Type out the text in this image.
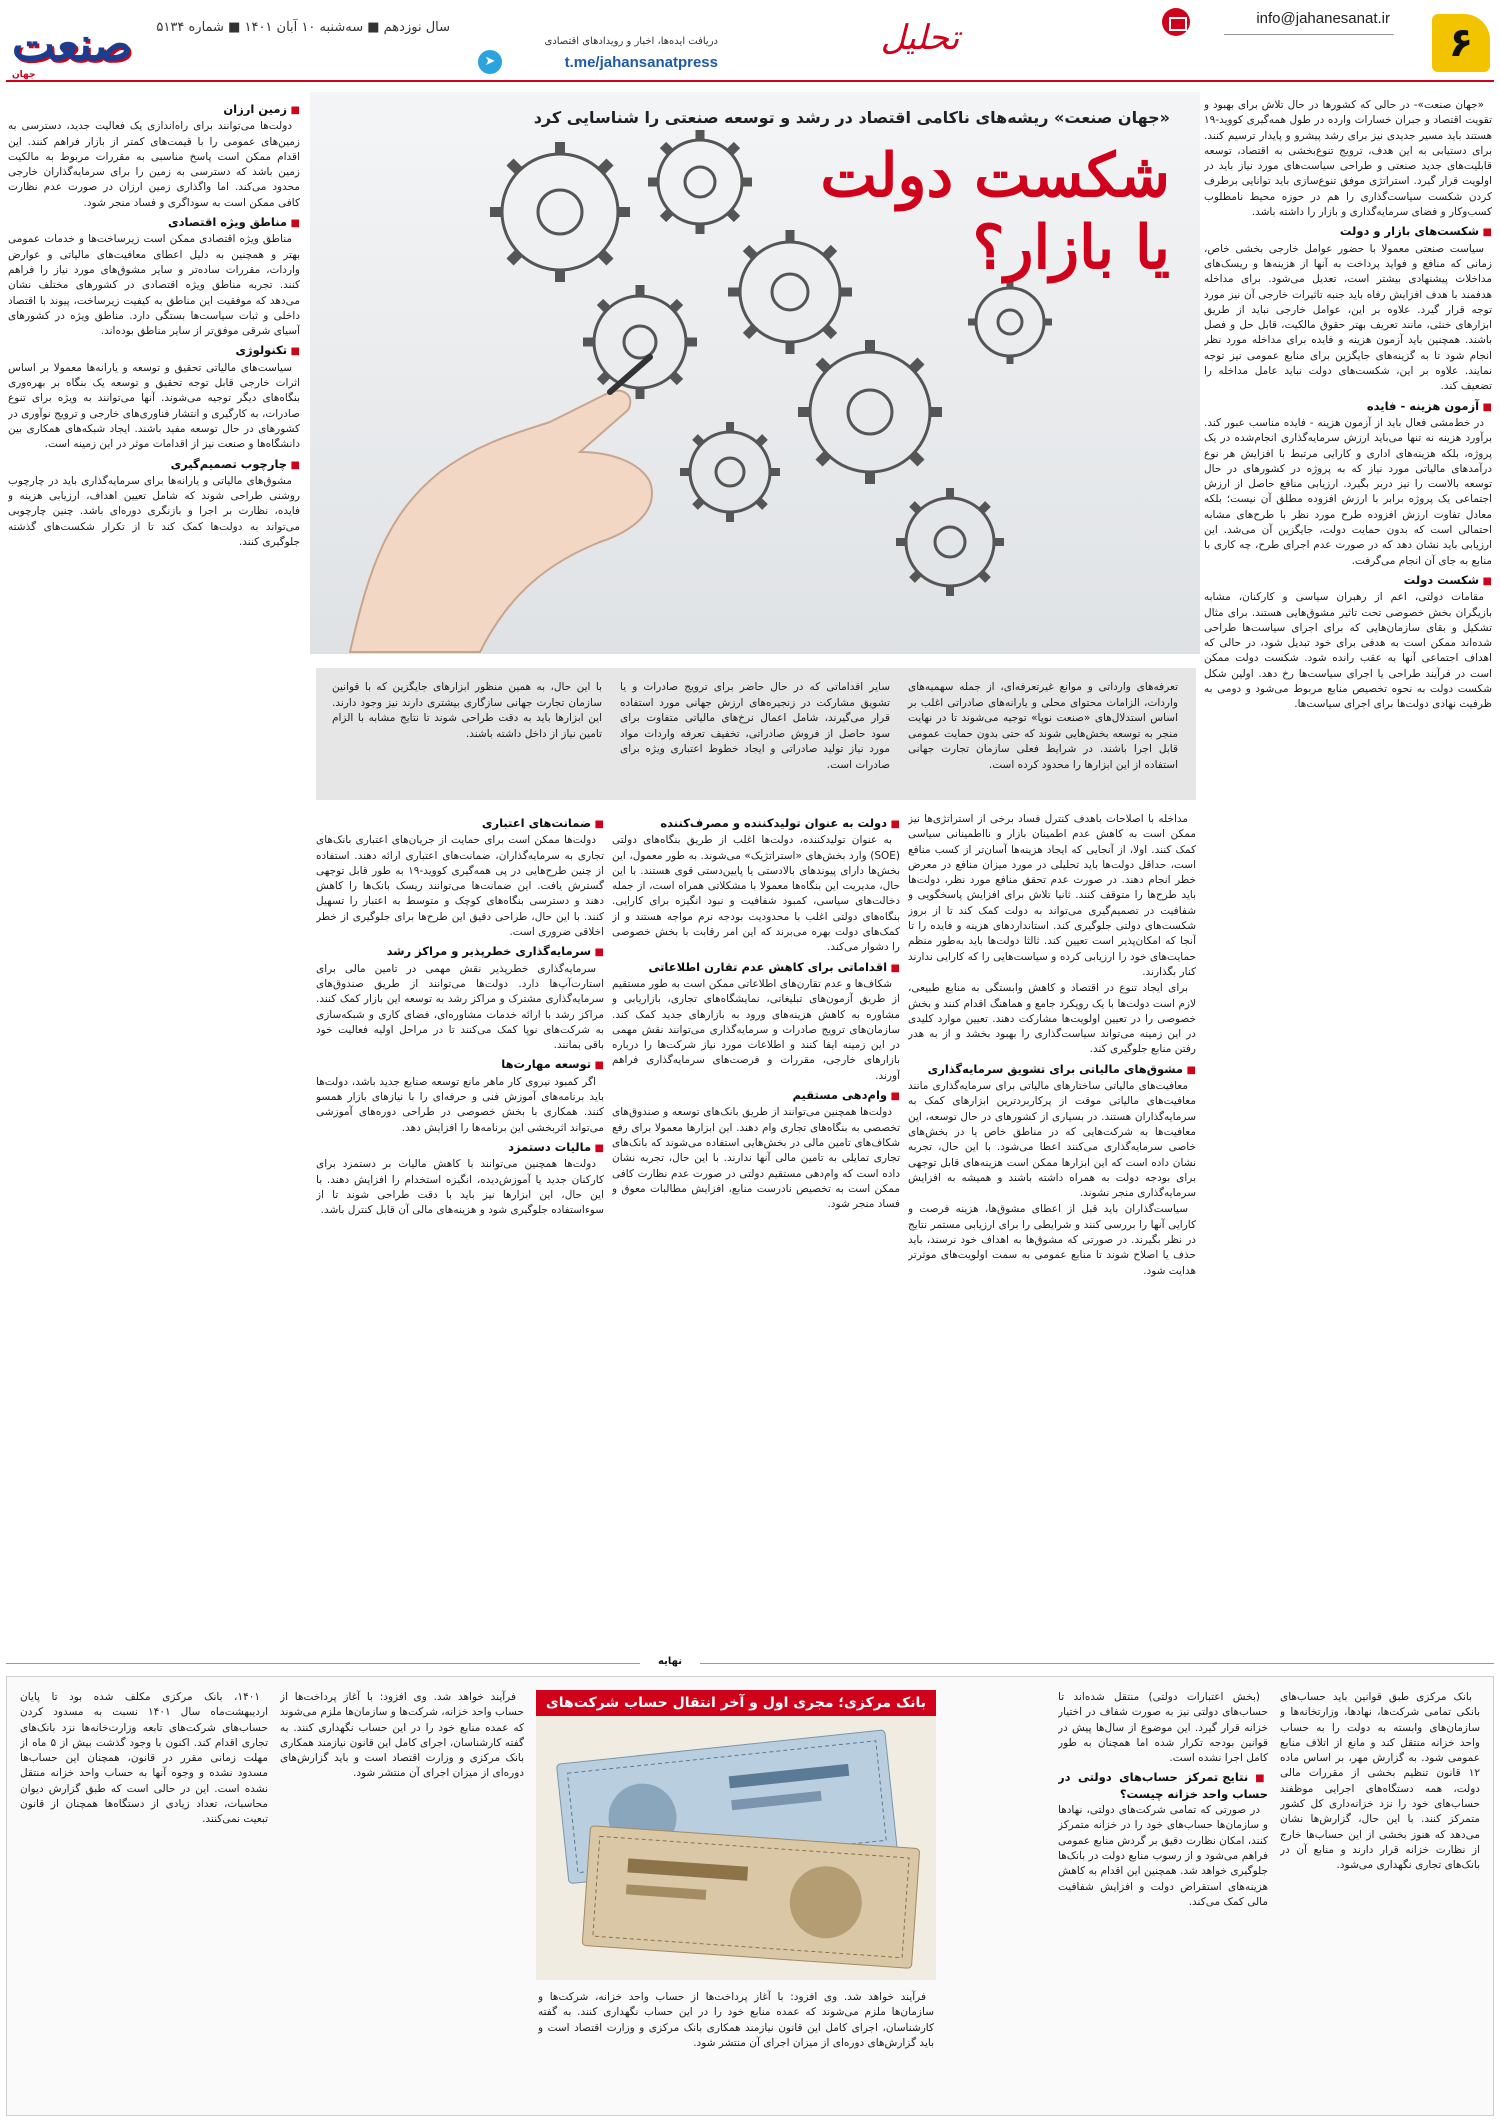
۶
info@jahanesanat.ir
تحلیل
دریافت ایده‌ها، اخبار و رویدادهای اقتصادی
t.me/jahansanatpress
➤
سال نوزدهم ■ سه‌شنبه ۱۰ آبان ۱۴۰۱ ■ شماره ۵۱۳۴
صنعت
جهان
«جهان صنعت» ریشه‌های ناکامی اقتصاد در رشد و توسعه صنعتی را شناسایی کرد
شکست دولت
یا بازار؟
تعرفه‌های وارداتی و موانع غیرتعرفه‌ای، از جمله سهمیه‌های واردات، الزامات محتوای محلی و یارانه‌های صادراتی اغلب بر اساس استدلال‌های «صنعت نوپا» توجیه می‌شوند تا در نهایت منجر به توسعه بخش‌هایی شوند که حتی بدون حمایت عمومی قابل اجرا باشند. در شرایط فعلی سازمان تجارت جهانی استفاده از این ابزارها را محدود کرده است.
سایر اقداماتی که در حال حاضر برای ترویج صادرات و یا تشویق مشارکت در زنجیره‌های ارزش جهانی مورد استفاده قرار می‌گیرند، شامل اعمال نرخ‌های مالیاتی متفاوت برای سود حاصل از فروش صادراتی، تخفیف تعرفه واردات مواد مورد نیاز تولید صادراتی و ایجاد خطوط اعتباری ویژه برای صادرات است.
با این حال، به همین منظور ابزارهای جایگزین که با قوانین سازمان تجارت جهانی سازگاری بیشتری دارند نیز وجود دارند. این ابزارها باید به دقت طراحی شوند تا نتایج مشابه با الزام تامین نیاز از داخل داشته باشند.

«جهان صنعت»- در حالی که کشورها در حال تلاش برای بهبود و تقویت اقتصاد و جبران خسارات وارده در طول همه‌گیری کووید-۱۹ هستند باید مسیر جدیدی نیز برای رشد پیشرو و پایدار ترسیم کنند. برای دستیابی به این هدف، ترویج تنوع‌بخشی به اقتصاد، توسعه قابلیت‌های جدید صنعتی و طراحی سیاست‌های مورد نیاز باید در اولویت قرار گیرد. استراتژی موفق تنوع‌سازی باید توانایی برطرف کردن شکست سیاست‌گذاری را هم در حوزه محیط نامطلوب کسب‌وکار و فضای سرمایه‌گذاری و بازار را داشته باشد.

■ شکست‌های بازار و دولت

سیاست صنعتی معمولا با حضور عوامل خارجی بخشی خاص، زمانی که منافع و فواید پرداخت به آنها از هزینه‌ها و ریسک‌های مداخلات پیشنهادی بیشتر است، تعدیل می‌شود. برای مداخله هدفمند با هدف افزایش رفاه باید جنبه تاثیرات خارجی آن نیز مورد توجه قرار گیرد. علاوه بر این، عوامل خارجی نباید از طریق ابزارهای خنثی، مانند تعریف بهتر حقوق مالکیت، قابل حل و فصل باشند. همچنین باید آزمون هزینه و فایده برای مداخله مورد نظر انجام شود تا به گزینه‌های جایگزین برای منابع عمومی نیز توجه نمایند. علاوه بر این، شکست‌های دولت نباید عامل مداخله را تضعیف کند.

■ آزمون هزینه - فایده

در خط‌مشی فعال باید از آزمون هزینه - فایده مناسب عبور کند. برآورد هزینه نه تنها می‌باید ارزش سرمایه‌گذاری انجام‌شده در یک پروژه، بلکه هزینه‌های اداری و کارایی مرتبط با افزایش هر نوع درآمدهای مالیاتی مورد نیاز که به پروژه در کشورهای در حال توسعه بالاست را نیز دربر بگیرد. ارزیابی منافع حاصل از ارزش اجتماعی یک پروژه برابر با ارزش افزوده مطلق آن نیست؛ بلکه معادل تفاوت ارزش افزوده طرح مورد نظر با طرح‌های مشابه احتمالی است که بدون حمایت دولت، جایگزین آن می‌شد. این ارزیابی باید نشان دهد که در صورت عدم اجرای طرح، چه کاری با منابع به جای آن انجام می‌گرفت.

■ شکست دولت

مقامات دولتی، اعم از رهبران سیاسی و کارکنان، مشابه بازیگران بخش خصوصی تحت تاثیر مشوق‌هایی هستند. برای مثال تشکیل و بقای سازمان‌هایی که برای اجرای سیاست‌ها طراحی شده‌اند ممکن است به هدفی برای خود تبدیل شود، در حالی که اهداف اجتماعی آنها به عقب رانده شود. شکست دولت ممکن است در فرآیند طراحی یا اجرای سیاست‌ها رخ دهد. اولین شکل شکست دولت به نحوه تخصیص منابع مربوط می‌شود و دومی به ظرفیت نهادی دولت‌ها برای اجرای سیاست‌ها.

مداخله با اصلاحات باهدف کنترل فساد برخی از استراتژی‌ها نیز ممکن است به کاهش عدم اطمینان بازار و نااطمینانی سیاسی کمک کنند. اولا، از آنجایی که ایجاد هزینه‌ها آسان‌تر از کسب منافع است، حداقل دولت‌ها باید تحلیلی در مورد میزان منافع در معرض خطر انجام دهند. در صورت عدم تحقق منافع مورد نظر، دولت‌ها باید طرح‌ها را متوقف کنند. ثانیا تلاش برای افزایش پاسخگویی و شفافیت در تصمیم‌گیری می‌تواند به دولت کمک کند تا از بروز شکست‌های دولتی جلوگیری کند. استانداردهای هزینه و فایده را تا آنجا که امکان‌پذیر است تعیین کند. ثالثا دولت‌ها باید به‌طور منظم حمایت‌های خود را ارزیابی کرده و سیاست‌هایی را که کارایی ندارند کنار بگذارند.

برای ایجاد تنوع در اقتصاد و کاهش وابستگی به منابع طبیعی، لازم است دولت‌ها با یک رویکرد جامع و هماهنگ اقدام کنند و بخش خصوصی را در تعیین اولویت‌ها مشارکت دهند. تعیین موارد کلیدی در این زمینه می‌تواند سیاست‌گذاری را بهبود بخشد و از به هدر رفتن منابع جلوگیری کند.

■ مشوق‌های مالیاتی برای تشویق سرمایه‌گذاری

معافیت‌های مالیاتی ساختارهای مالیاتی برای سرمایه‌گذاری مانند معافیت‌های مالیاتی موقت از پرکاربردترین ابزارهای کمک به سرمایه‌گذاران هستند. در بسیاری از کشورهای در حال توسعه، این معافیت‌ها به شرکت‌هایی که در مناطق خاص یا در بخش‌های خاصی سرمایه‌گذاری می‌کنند اعطا می‌شود. با این حال، تجربه نشان داده است که این ابزارها ممکن است هزینه‌های قابل توجهی برای بودجه دولت به همراه داشته باشند و همیشه به افزایش سرمایه‌گذاری منجر نشوند.

سیاست‌گذاران باید قبل از اعطای مشوق‌ها، هزینه فرصت و کارایی آنها را بررسی کنند و شرایطی را برای ارزیابی مستمر نتایج در نظر بگیرند. در صورتی که مشوق‌ها به اهداف خود نرسند، باید حذف یا اصلاح شوند تا منابع عمومی به سمت اولویت‌های موثرتر هدایت شود.

■ دولت به عنوان تولیدکننده و مصرف‌کننده

به عنوان تولیدکننده، دولت‌ها اغلب از طریق بنگاه‌های دولتی (SOE) وارد بخش‌های «استراتژیک» می‌شوند. به طور معمول، این بخش‌ها دارای پیوندهای بالادستی یا پایین‌دستی قوی هستند. با این حال، مدیریت این بنگاه‌ها معمولا با مشکلاتی همراه است، از جمله دخالت‌های سیاسی، کمبود شفافیت و نبود انگیزه برای کارایی. بنگاه‌های دولتی اغلب با محدودیت بودجه نرم مواجه هستند و از کمک‌های دولت بهره می‌برند که این امر رقابت با بخش خصوصی را دشوار می‌کند.

■ اقداماتی برای کاهش عدم تقارن اطلاعاتی

شکاف‌ها و عدم تقارن‌های اطلاعاتی ممکن است به طور مستقیم از طریق آزمون‌های تبلیغاتی، نمایشگاه‌های تجاری، بازاریابی و مشاوره به کاهش هزینه‌های ورود به بازارهای جدید کمک کند. سازمان‌های ترویج صادرات و سرمایه‌گذاری می‌توانند نقش مهمی در این زمینه ایفا کنند و اطلاعات مورد نیاز شرکت‌ها را درباره بازارهای خارجی، مقررات و فرصت‌های سرمایه‌گذاری فراهم آورند.

■ وام‌دهی مستقیم

دولت‌ها همچنین می‌توانند از طریق بانک‌های توسعه و صندوق‌های تخصصی به بنگاه‌های تجاری وام دهند. این ابزارها معمولا برای رفع شکاف‌های تامین مالی در بخش‌هایی استفاده می‌شوند که بانک‌های تجاری تمایلی به تامین مالی آنها ندارند. با این حال، تجربه نشان داده است که وام‌دهی مستقیم دولتی در صورت عدم نظارت کافی ممکن است به تخصیص نادرست منابع، افزایش مطالبات معوق و فساد منجر شود.

■ ضمانت‌های اعتباری

دولت‌ها ممکن است برای حمایت از جریان‌های اعتباری بانک‌های تجاری به سرمایه‌گذاران، ضمانت‌های اعتباری ارائه دهند. استفاده از چنین طرح‌هایی در پی همه‌گیری کووید-۱۹ به طور قابل توجهی گسترش یافت. این ضمانت‌ها می‌توانند ریسک بانک‌ها را کاهش دهند و دسترسی بنگاه‌های کوچک و متوسط به اعتبار را تسهیل کنند. با این حال، طراحی دقیق این طرح‌ها برای جلوگیری از خطر اخلاقی ضروری است.

■ سرمایه‌گذاری خطرپذیر و مراکز رشد

سرمایه‌گذاری خطرپذیر نقش مهمی در تامین مالی برای استارت‌آپ‌ها دارد. دولت‌ها می‌توانند از طریق صندوق‌های سرمایه‌گذاری مشترک و مراکز رشد به توسعه این بازار کمک کنند. مراکز رشد با ارائه خدمات مشاوره‌ای، فضای کاری و شبکه‌سازی به شرکت‌های نوپا کمک می‌کنند تا در مراحل اولیه فعالیت خود باقی بمانند.

■ توسعه مهارت‌ها

اگر کمبود نیروی کار ماهر مانع توسعه صنایع جدید باشد، دولت‌ها باید برنامه‌های آموزش فنی و حرفه‌ای را با نیازهای بازار همسو کنند. همکاری با بخش خصوصی در طراحی دوره‌های آموزشی می‌تواند اثربخشی این برنامه‌ها را افزایش دهد.

■ مالیات دستمزد

دولت‌ها همچنین می‌توانند با کاهش مالیات بر دستمزد برای کارکنان جدید یا آموزش‌دیده، انگیزه استخدام را افزایش دهند. با این حال، این ابزارها نیز باید با دقت طراحی شوند تا از سوءاستفاده جلوگیری شود و هزینه‌های مالی آن قابل کنترل باشد.

■ زمین ارزان

دولت‌ها می‌توانند برای راه‌اندازی یک فعالیت جدید، دسترسی به زمین‌های عمومی را با قیمت‌های کمتر از بازار فراهم کنند. این اقدام ممکن است پاسخ مناسبی به مقررات مربوط به مالکیت زمین باشد که دسترسی به زمین را برای سرمایه‌گذاران خارجی محدود می‌کند. اما واگذاری زمین ارزان در صورت عدم نظارت کافی ممکن است به سوداگری و فساد منجر شود.

■ مناطق ویژه اقتصادی

مناطق ویژه اقتصادی ممکن است زیرساخت‌ها و خدمات عمومی بهتر و همچنین به دلیل اعطای معافیت‌های مالیاتی و عوارض واردات، مقررات ساده‌تر و سایر مشوق‌های مورد نیاز را فراهم کنند. تجربه مناطق ویژه اقتصادی در کشورهای مختلف نشان می‌دهد که موفقیت این مناطق به کیفیت زیرساخت، پیوند با اقتصاد داخلی و ثبات سیاست‌ها بستگی دارد. مناطق ویژه در کشورهای آسیای شرقی موفق‌تر از سایر مناطق بوده‌اند.

■ تکنولوژی

سیاست‌های مالیاتی تحقیق و توسعه و یارانه‌ها معمولا بر اساس اثرات خارجی قابل توجه تحقیق و توسعه یک بنگاه بر بهره‌وری بنگاه‌های دیگر توجیه می‌شوند. آنها می‌توانند به ویژه برای تنوع صادرات، به کارگیری و انتشار فناوری‌های خارجی و ترویج نوآوری در کشورهای در حال توسعه مفید باشند. ایجاد شبکه‌های همکاری بین دانشگاه‌ها و صنعت نیز از اقدامات موثر در این زمینه است.

■ چارچوب تصمیم‌گیری

مشوق‌های مالیاتی و یارانه‌ها برای سرمایه‌گذاری باید در چارچوب روشنی طراحی شوند که شامل تعیین اهداف، ارزیابی هزینه و فایده، نظارت بر اجرا و بازنگری دوره‌ای باشد. چنین چارچوبی می‌تواند به دولت‌ها کمک کند تا از تکرار شکست‌های گذشته جلوگیری کنند.

نهایه

بانک مرکزی طبق قوانین باید حساب‌های بانکی تمامی شرکت‌ها، نهادها، وزارتخانه‌ها و سازمان‌های وابسته به دولت را به حساب واحد خزانه منتقل کند و مانع از اتلاف منابع عمومی شود. به گزارش مهر، بر اساس ماده ۱۲ قانون تنظیم بخشی از مقررات مالی دولت، همه دستگاه‌های اجرایی موظفند حساب‌های خود را نزد خزانه‌داری کل کشور متمرکز کنند. با این حال، گزارش‌ها نشان می‌دهد که هنوز بخشی از این حساب‌ها خارج از نظارت خزانه قرار دارند و منابع آن در بانک‌های تجاری نگهداری می‌شود.

(بخش اعتبارات دولتی) منتقل شده‌اند تا حساب‌های دولتی نیز به صورت شفاف در اختیار خزانه قرار گیرد. این موضوع از سال‌ها پیش در قوانین بودجه تکرار شده اما همچنان به طور کامل اجرا نشده است.

■ نتایج تمرکز حساب‌های دولتی در حساب واحد خزانه چیست؟

در صورتی که تمامی شرکت‌های دولتی، نهادها و سازمان‌ها حساب‌های خود را در خزانه متمرکز کنند، امکان نظارت دقیق بر گردش منابع عمومی فراهم می‌شود و از رسوب منابع دولت در بانک‌ها جلوگیری خواهد شد. همچنین این اقدام به کاهش هزینه‌های استقراض دولت و افزایش شفافیت مالی کمک می‌کند.

بانک مرکزی؛ مجری اول و آخر انتقال حساب شرکت‌های

فرآیند خواهد شد. وی افزود: با آغاز پرداخت‌ها از حساب واحد خزانه، شرکت‌ها و سازمان‌ها ملزم می‌شوند که عمده منابع خود را در این حساب نگهداری کنند. به گفته کارشناسان، اجرای کامل این قانون نیازمند همکاری بانک مرکزی و وزارت اقتصاد است و باید گزارش‌های دوره‌ای از میزان اجرای آن منتشر شود.

فرآیند خواهد شد. وی افزود: با آغاز پرداخت‌ها از حساب واحد خزانه، شرکت‌ها و سازمان‌ها ملزم می‌شوند که عمده منابع خود را در این حساب نگهداری کنند. به گفته کارشناسان، اجرای کامل این قانون نیازمند همکاری بانک مرکزی و وزارت اقتصاد است و باید گزارش‌های دوره‌ای از میزان اجرای آن منتشر شود.

۱۴۰۱، بانک مرکزی مکلف شده بود تا پایان اردیبهشت‌ماه سال ۱۴۰۱ نسبت به مسدود کردن حساب‌های شرکت‌های تابعه وزارت‌خانه‌ها نزد بانک‌های تجاری اقدام کند. اکنون با وجود گذشت بیش از ۵ ماه از مهلت زمانی مقرر در قانون، همچنان این حساب‌ها مسدود نشده و وجوه آنها به حساب واحد خزانه منتقل نشده است. این در حالی است که طبق گزارش دیوان محاسبات، تعداد زیادی از دستگاه‌ها همچنان از قانون تبعیت نمی‌کنند.
